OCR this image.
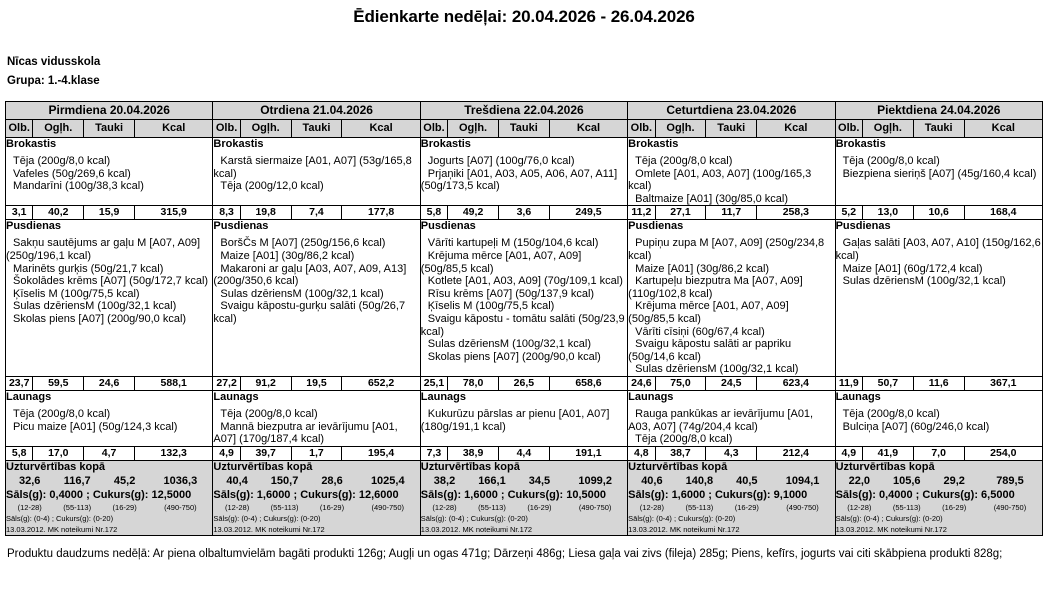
Ēdienkarte nedēļai: 20.04.2026 - 26.04.2026
Nīcas vidusskola
Grupa: 1.-4.klase
Pirmdiena 20.04.2026				Otrdiena 21.04.2026				Trešdiena 22.04.2026				Ceturtdiena 23.04.2026				Piektdiena 24.04.2026			
Olb.	Ogļh.	Tauki	Kcal	Olb.	Ogļh.	Tauki	Kcal	Olb.	Ogļh.	Tauki	Kcal	Olb.	Ogļh.	Tauki	Kcal	Olb.	Ogļh.	Tauki	Kcal

Brokastis
Tēja (200g/8,0 kcal)
Vafeles (50g/269,6 kcal)
Mandarīni (100g/38,3 kcal)

Brokastis
Karstā siermaize [A01, A07] (53g/165,8 kcal)
Tēja (200g/12,0 kcal)

Brokastis
Jogurts [A07] (100g/76,0 kcal)
Prjaņiki [A01, A03, A05, A06, A07, A11] (50g/173,5 kcal)

Brokastis
Tēja (200g/8,0 kcal)
Omlete [A01, A03, A07] (100g/165,3 kcal)
Baltmaize [A01] (30g/85,0 kcal)

Brokastis
Tēja (200g/8,0 kcal)
Biezpiena sieriņš [A07] (45g/160,4 kcal)

3,1	40,2	15,9	315,9	8,3	19,8	7,4	177,8	5,8	49,2	3,6	249,5	11,2	27,1	11,7	258,3	5,2	13,0	10,6	168,4

Pusdienas
Sakņu sautējums ar gaļu M [A07, A09] (250g/196,1 kcal)
Marinēts gurķis (50g/21,7 kcal)
Šokolādes krēms [A07] (50g/172,7 kcal)
Ķīselis M (100g/75,5 kcal)
Sulas dzēriensM (100g/32,1 kcal)
Skolas piens [A07] (200g/90,0 kcal)

Pusdienas
BoršČs M [A07] (250g/156,6 kcal)
Maize [A01] (30g/86,2 kcal)
Makaroni ar gaļu [A03, A07, A09, A13] (200g/350,6 kcal)
Sulas dzēriensM (100g/32,1 kcal)
Svaigu kāpostu-gurķu salāti (50g/26,7 kcal)

Pusdienas
Vārīti kartupeļi M (150g/104,6 kcal)
Krējuma mērce [A01, A07, A09] (50g/85,5 kcal)
Kotlete [A01, A03, A09] (70g/109,1 kcal)
Rīsu krēms [A07] (50g/137,9 kcal)
Ķīselis M (100g/75,5 kcal)
Svaigu kāpostu - tomātu salāti (50g/23,9 kcal)
Sulas dzēriensM (100g/32,1 kcal)
Skolas piens [A07] (200g/90,0 kcal)

Pusdienas
Pupiņu zupa M [A07, A09] (250g/234,8 kcal)
Maize [A01] (30g/86,2 kcal)
Kartupeļu biezputra Ma [A07, A09] (110g/102,8 kcal)
Krējuma mērce [A01, A07, A09] (50g/85,5 kcal)
Vārīti cīsiņi (60g/67,4 kcal)
Svaigu kāpostu salāti ar papriku (50g/14,6 kcal)
Sulas dzēriensM (100g/32,1 kcal)

Pusdienas
Gaļas salāti [A03, A07, A10] (150g/162,6 kcal)
Maize [A01] (60g/172,4 kcal)
Sulas dzēriensM (100g/32,1 kcal)

23,7	59,5	24,6	588,1	27,2	91,2	19,5	652,2	25,1	78,0	26,5	658,6	24,6	75,0	24,5	623,4	11,9	50,7	11,6	367,1

Launags
Tēja (200g/8,0 kcal)
Picu maize [A01] (50g/124,3 kcal)

Launags
Tēja (200g/8,0 kcal)
Mannā biezputra ar ievārījumu [A01, A07] (170g/187,4 kcal)

Launags
Kukurūzu pārslas ar pienu [A01, A07] (180g/191,1 kcal)

Launags
Rauga pankūkas ar ievārījumu [A01, A03, A07] (74g/204,4 kcal)
Tēja (200g/8,0 kcal)

Launags
Tēja (200g/8,0 kcal)
Bulciņa [A07] (60g/246,0 kcal)

5,8	17,0	4,7	132,3	4,9	39,7	1,7	195,4	7,3	38,9	4,4	191,1	4,8	38,7	4,3	212,4	4,9	41,9	7,0	254,0

Uzturvērtības kopā
32,6	116,7	45,2	1036,3
Sāls(g): 0,4000 ; Cukurs(g): 12,5000
(12-28)	(55-113)	(16-29)	(490-750)
Sāls(g): (0-4) ; Cukurs(g): (0-20)
13.03.2012. MK noteikumi Nr.172

Uzturvērtības kopā
40,4	150,7	28,6	1025,4
Sāls(g): 1,6000 ; Cukurs(g): 12,6000
(12-28)	(55-113)	(16-29)	(490-750)
Sāls(g): (0-4) ; Cukurs(g): (0-20)
13.03.2012. MK noteikumi Nr.172

Uzturvērtības kopā
38,2	166,1	34,5	1099,2
Sāls(g): 1,6000 ; Cukurs(g): 10,5000
(12-28)	(55-113)	(16-29)	(490-750)
Sāls(g): (0-4) ; Cukurs(g): (0-20)
13.03.2012. MK noteikumi Nr.172

Uzturvērtības kopā
40,6	140,8	40,5	1094,1
Sāls(g): 1,6000 ; Cukurs(g): 9,1000
(12-28)	(55-113)	(16-29)	(490-750)
Sāls(g): (0-4) ; Cukurs(g): (0-20)
13.03.2012. MK noteikumi Nr.172

Uzturvērtības kopā
22,0	105,6	29,2	789,5
Sāls(g): 0,4000 ; Cukurs(g): 6,5000
(12-28)	(55-113)	(16-29)	(490-750)
Sāls(g): (0-4) ; Cukurs(g): (0-20)
13.03.2012. MK noteikumi Nr.172
Produktu daudzums nedēļā: Ar piena olbaltumvielām bagāti produkti 126g; Augļi un ogas 471g; Dārzeņi 486g; Liesa gaļa vai zivs (fileja) 285g; Piens, kefīrs, jogurts vai citi skābpiena produkti 828g;
